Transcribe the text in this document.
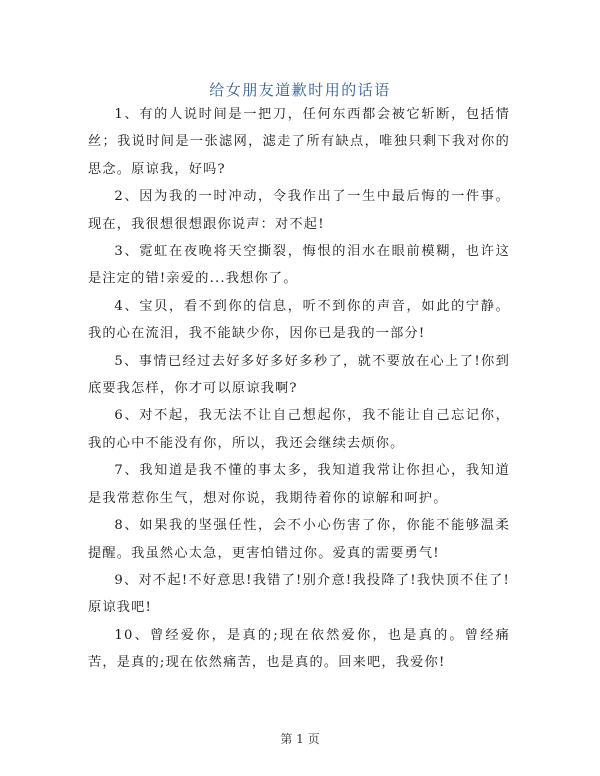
给女朋友道歉时用的话语

1、有的人说时间是一把刀，任何东西都会被它斩断，包括情丝；我说时间是一张滤网，滤走了所有缺点，唯独只剩下我对你的思念。原谅我，好吗?

2、因为我的一时冲动，令我作出了一生中最后悔的一件事。现在，我很想很想跟你说声：对不起!

3、霓虹在夜晚将天空撕裂，悔恨的泪水在眼前模糊，也许这是注定的错!亲爱的...我想你了。

4、宝贝，看不到你的信息，听不到你的声音，如此的宁静。我的心在流泪，我不能缺少你，因你已是我的一部分!

5、事情已经过去好多好多好多秒了，就不要放在心上了!你到底要我怎样，你才可以原谅我啊?

6、对不起，我无法不让自己想起你，我不能让自己忘记你，我的心中不能没有你，所以，我还会继续去烦你。

7、我知道是我不懂的事太多，我知道我常让你担心，我知道是我常惹你生气，想对你说，我期待着你的谅解和呵护。

8、如果我的坚强任性，会不小心伤害了你，你能不能够温柔提醒。我虽然心太急，更害怕错过你。爱真的需要勇气!

9、对不起!不好意思!我错了!别介意!我投降了!我快顶不住了!原谅我吧!

10、曾经爱你，是真的;现在依然爱你，也是真的。曾经痛苦，是真的;现在依然痛苦，也是真的。回来吧，我爱你!

第 1 页
